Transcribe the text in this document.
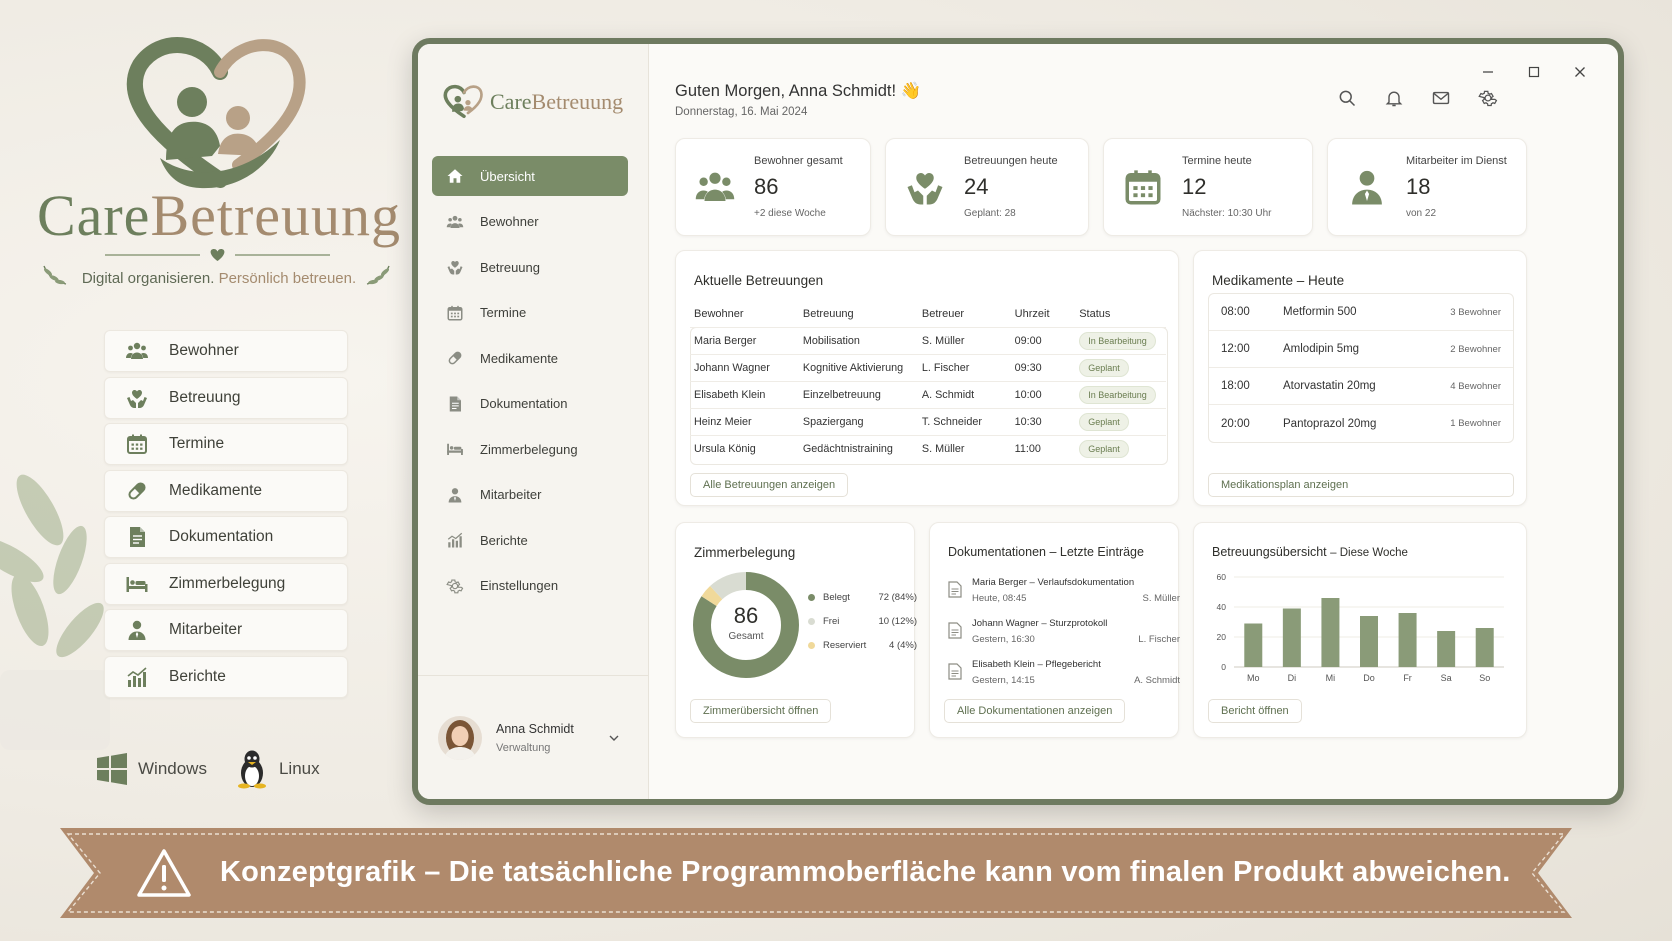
CareBetreuung
Digital organisieren. Persönlich betreuen.
Bewohner
Betreuung
Termine
Medikamente
Dokumentation
Zimmerbelegung
Mitarbeiter
Berichte
Windows	Linux
CareBetreuung
Übersicht
Bewohner
Betreuung
Termine
Medikamente
Dokumentation
Zimmerbelegung
Mitarbeiter
Berichte
Einstellungen
Anna Schmidt
Verwaltung
Guten Morgen, Anna Schmidt! 👋
Donnerstag, 16. Mai 2024
Bewohner gesamt
86
+2 diese Woche
Betreuungen heute
24
Geplant: 28
Termine heute
12
Nächster: 10:30 Uhr
Mitarbeiter im Dienst
18
von 22
Aktuelle Betreuungen
Bewohner	Betreuung	Betreuer	Uhrzeit	Status
Maria Berger	Mobilisation	S. Müller	09:00	In Bearbeitung
Johann Wagner	Kognitive Aktivierung	L. Fischer	09:30	Geplant
Elisabeth Klein	Einzelbetreuung	A. Schmidt	10:00	In Bearbeitung
Heinz Meier	Spaziergang	T. Schneider	10:30	Geplant
Ursula König	Gedächtnistraining	S. Müller	11:00	Geplant
Alle Betreuungen anzeigen
Medikamente – Heute
08:00	Metformin 500	3 Bewohner
12:00	Amlodipin 5mg	2 Bewohner
18:00	Atorvastatin 20mg	4 Bewohner
20:00	Pantoprazol 20mg	1 Bewohner
Medikationsplan anzeigen
Zimmerbelegung
86
Gesamt
Belegt	72 (84%)
Frei	10 (12%)
Reserviert	4 (4%)
Zimmerübersicht öffnen
Dokumentationen – Letzte Einträge
Maria Berger – Verlaufsdokumentation
Heute, 08:45	S. Müller
Johann Wagner – Sturzprotokoll
Gestern, 16:30	L. Fischer
Elisabeth Klein – Pflegebericht
Gestern, 14:15	A. Schmidt
Alle Dokumentationen anzeigen
Betreuungsübersicht – Diese Woche
0
20
40
60
Mo	Di	Mi	Do	Fr	Sa	So
Bericht öffnen
Konzeptgrafik – Die tatsächliche Programmoberfläche kann vom finalen Produkt abweichen.
